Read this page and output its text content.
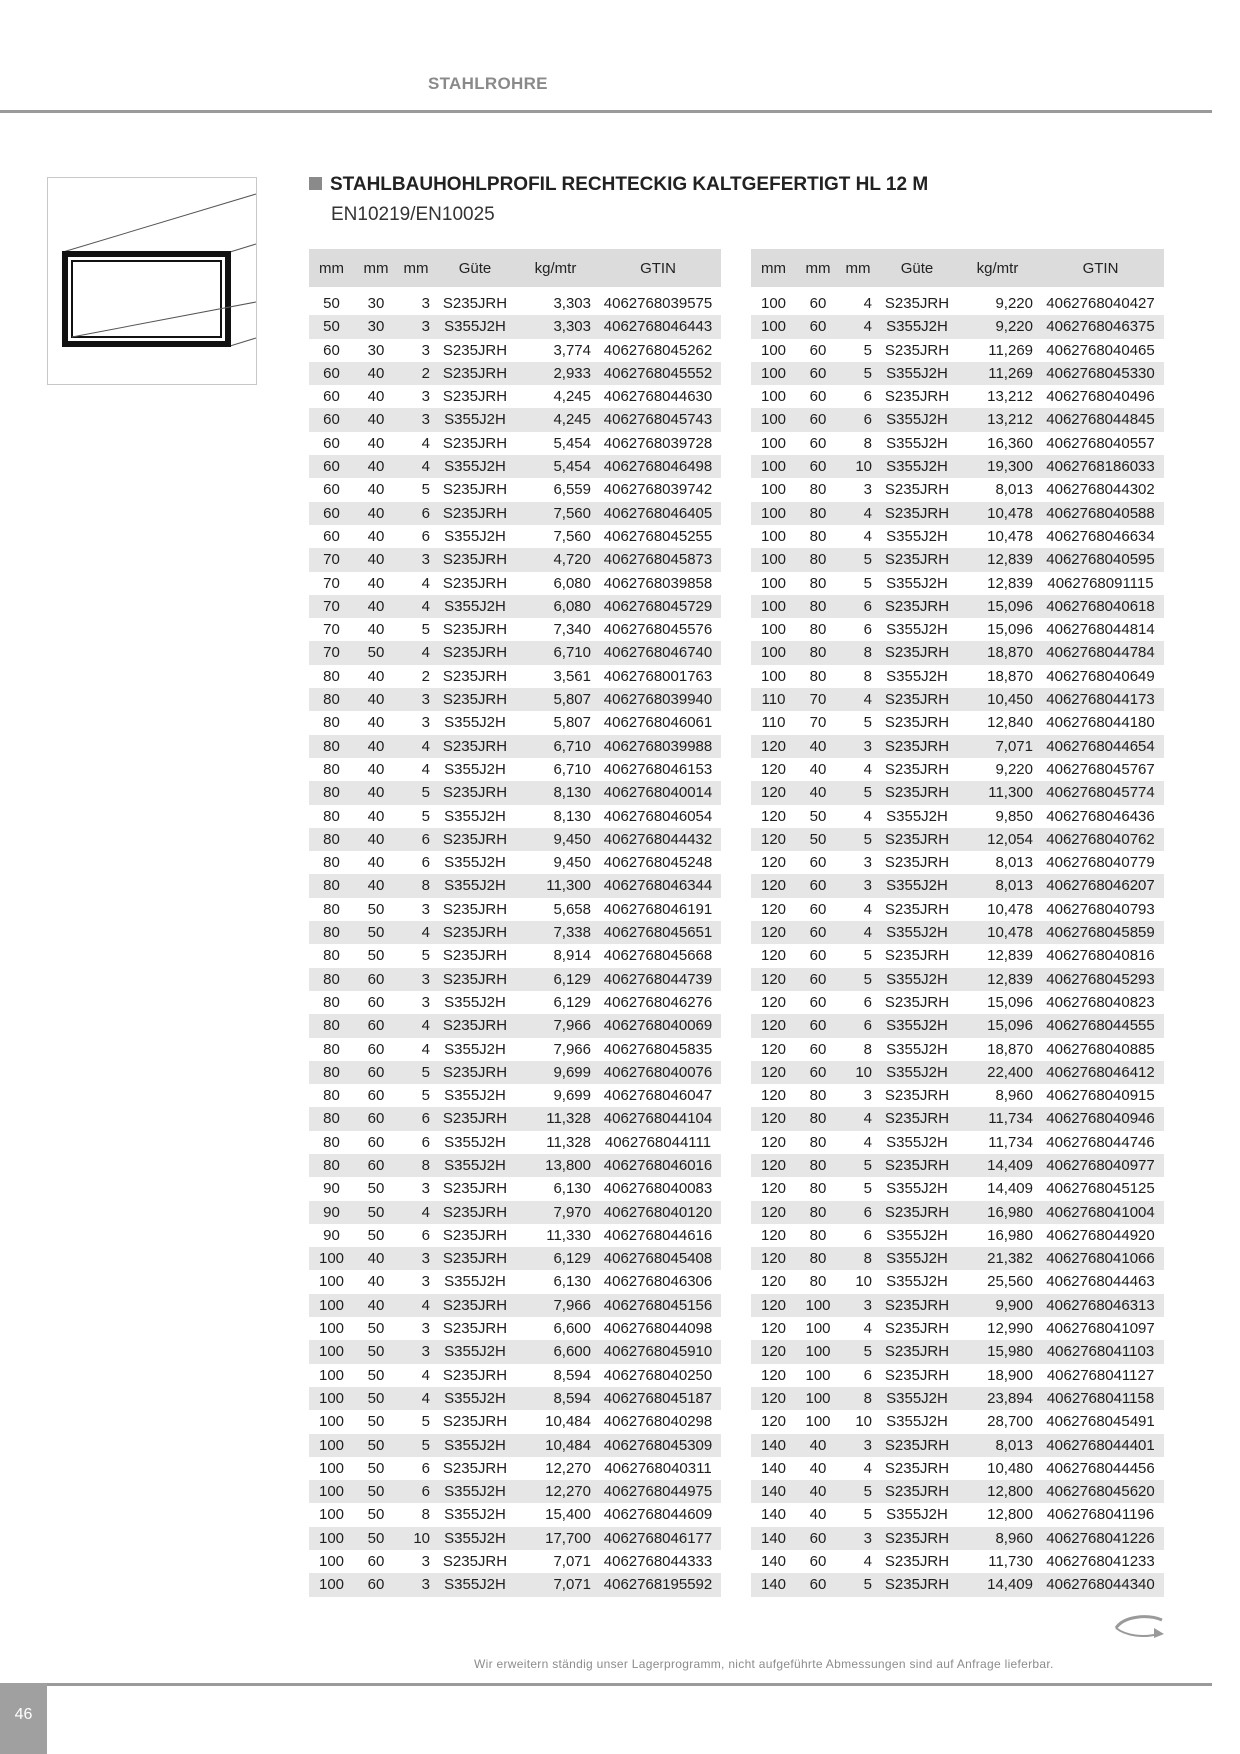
STAHLROHRE
STAHLBAUHOHLPROFIL RECHTECKIG KALTGEFERTIGT HL 12 M
EN10219/EN10025
mm	mm	mm	Güte	kg/mtr	GTIN

50	30	3	S235JRH	3,303	4062768039575
50	30	3	S355J2H	3,303	4062768046443
60	30	3	S235JRH	3,774	4062768045262
60	40	2	S235JRH	2,933	4062768045552
60	40	3	S235JRH	4,245	4062768044630
60	40	3	S355J2H	4,245	4062768045743
60	40	4	S235JRH	5,454	4062768039728
60	40	4	S355J2H	5,454	4062768046498
60	40	5	S235JRH	6,559	4062768039742
60	40	6	S235JRH	7,560	4062768046405
60	40	6	S355J2H	7,560	4062768045255
70	40	3	S235JRH	4,720	4062768045873
70	40	4	S235JRH	6,080	4062768039858
70	40	4	S355J2H	6,080	4062768045729
70	40	5	S235JRH	7,340	4062768045576
70	50	4	S235JRH	6,710	4062768046740
80	40	2	S235JRH	3,561	4062768001763
80	40	3	S235JRH	5,807	4062768039940
80	40	3	S355J2H	5,807	4062768046061
80	40	4	S235JRH	6,710	4062768039988
80	40	4	S355J2H	6,710	4062768046153
80	40	5	S235JRH	8,130	4062768040014
80	40	5	S355J2H	8,130	4062768046054
80	40	6	S235JRH	9,450	4062768044432
80	40	6	S355J2H	9,450	4062768045248
80	40	8	S355J2H	11,300	4062768046344
80	50	3	S235JRH	5,658	4062768046191
80	50	4	S235JRH	7,338	4062768045651
80	50	5	S235JRH	8,914	4062768045668
80	60	3	S235JRH	6,129	4062768044739
80	60	3	S355J2H	6,129	4062768046276
80	60	4	S235JRH	7,966	4062768040069
80	60	4	S355J2H	7,966	4062768045835
80	60	5	S235JRH	9,699	4062768040076
80	60	5	S355J2H	9,699	4062768046047
80	60	6	S235JRH	11,328	4062768044104
80	60	6	S355J2H	11,328	4062768044111
80	60	8	S355J2H	13,800	4062768046016
90	50	3	S235JRH	6,130	4062768040083
90	50	4	S235JRH	7,970	4062768040120
90	50	6	S235JRH	11,330	4062768044616
100	40	3	S235JRH	6,129	4062768045408
100	40	3	S355J2H	6,130	4062768046306
100	40	4	S235JRH	7,966	4062768045156
100	50	3	S235JRH	6,600	4062768044098
100	50	3	S355J2H	6,600	4062768045910
100	50	4	S235JRH	8,594	4062768040250
100	50	4	S355J2H	8,594	4062768045187
100	50	5	S235JRH	10,484	4062768040298
100	50	5	S355J2H	10,484	4062768045309
100	50	6	S235JRH	12,270	4062768040311
100	50	6	S355J2H	12,270	4062768044975
100	50	8	S355J2H	15,400	4062768044609
100	50	10	S355J2H	17,700	4062768046177
100	60	3	S235JRH	7,071	4062768044333
100	60	3	S355J2H	7,071	4062768195592
mm	mm	mm	Güte	kg/mtr	GTIN

100	60	4	S235JRH	9,220	4062768040427
100	60	4	S355J2H	9,220	4062768046375
100	60	5	S235JRH	11,269	4062768040465
100	60	5	S355J2H	11,269	4062768045330
100	60	6	S235JRH	13,212	4062768040496
100	60	6	S355J2H	13,212	4062768044845
100	60	8	S355J2H	16,360	4062768040557
100	60	10	S355J2H	19,300	4062768186033
100	80	3	S235JRH	8,013	4062768044302
100	80	4	S235JRH	10,478	4062768040588
100	80	4	S355J2H	10,478	4062768046634
100	80	5	S235JRH	12,839	4062768040595
100	80	5	S355J2H	12,839	4062768091115
100	80	6	S235JRH	15,096	4062768040618
100	80	6	S355J2H	15,096	4062768044814
100	80	8	S235JRH	18,870	4062768044784
100	80	8	S355J2H	18,870	4062768040649
110	70	4	S235JRH	10,450	4062768044173
110	70	5	S235JRH	12,840	4062768044180
120	40	3	S235JRH	7,071	4062768044654
120	40	4	S235JRH	9,220	4062768045767
120	40	5	S235JRH	11,300	4062768045774
120	50	4	S355J2H	9,850	4062768046436
120	50	5	S235JRH	12,054	4062768040762
120	60	3	S235JRH	8,013	4062768040779
120	60	3	S355J2H	8,013	4062768046207
120	60	4	S235JRH	10,478	4062768040793
120	60	4	S355J2H	10,478	4062768045859
120	60	5	S235JRH	12,839	4062768040816
120	60	5	S355J2H	12,839	4062768045293
120	60	6	S235JRH	15,096	4062768040823
120	60	6	S355J2H	15,096	4062768044555
120	60	8	S355J2H	18,870	4062768040885
120	60	10	S355J2H	22,400	4062768046412
120	80	3	S235JRH	8,960	4062768040915
120	80	4	S235JRH	11,734	4062768040946
120	80	4	S355J2H	11,734	4062768044746
120	80	5	S235JRH	14,409	4062768040977
120	80	5	S355J2H	14,409	4062768045125
120	80	6	S235JRH	16,980	4062768041004
120	80	6	S355J2H	16,980	4062768044920
120	80	8	S355J2H	21,382	4062768041066
120	80	10	S355J2H	25,560	4062768044463
120	100	3	S235JRH	9,900	4062768046313
120	100	4	S235JRH	12,990	4062768041097
120	100	5	S235JRH	15,980	4062768041103
120	100	6	S235JRH	18,900	4062768041127
120	100	8	S355J2H	23,894	4062768041158
120	100	10	S355J2H	28,700	4062768045491
140	40	3	S235JRH	8,013	4062768044401
140	40	4	S235JRH	10,480	4062768044456
140	40	5	S235JRH	12,800	4062768045620
140	40	5	S355J2H	12,800	4062768041196
140	60	3	S235JRH	8,960	4062768041226
140	60	4	S235JRH	11,730	4062768041233
140	60	5	S235JRH	14,409	4062768044340
Wir erweitern ständig unser Lagerprogramm, nicht aufgeführte Abmessungen sind auf Anfrage lieferbar.
46
